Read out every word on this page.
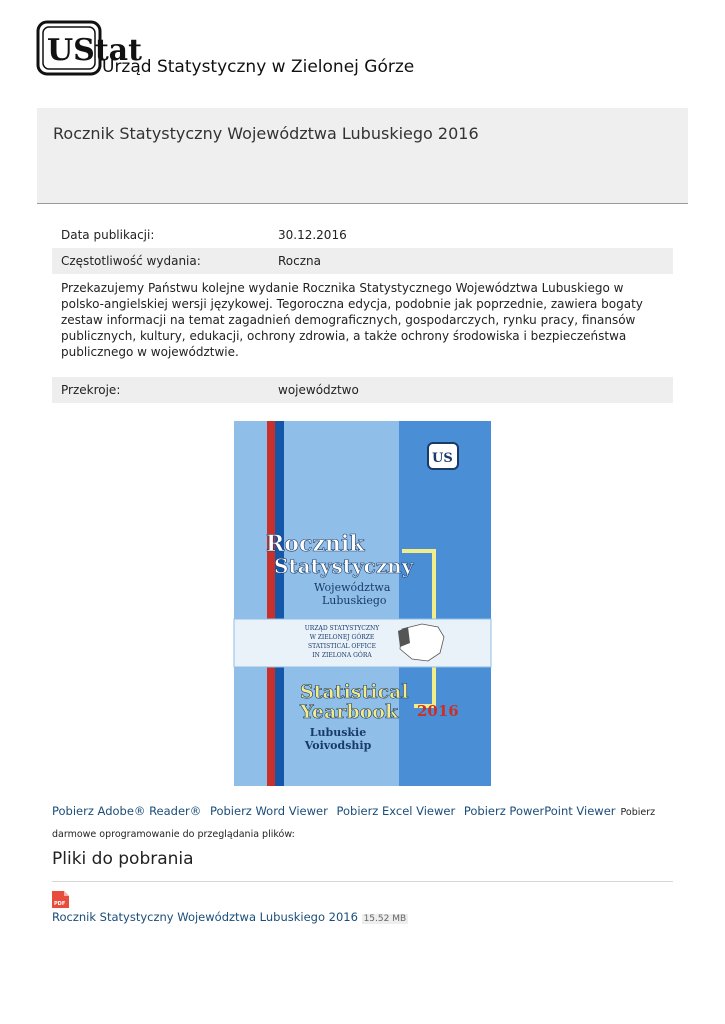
UStat
Urząd Statystyczny w Zielonej Górze
Rocznik Statystyczny Województwa Lubuskiego 2016
Data publikacji:	30.12.2016
Częstotliwość wydania:	Roczna
Przekazujemy Państwu kolejne wydanie Rocznika Statystycznego Województwa Lubuskiego w polsko-angielskiej wersji językowej. Tegoroczna edycja, podobnie jak poprzednie, zawiera bogaty zestaw informacji na temat zagadnień demograficznych, gospodarczych, rynku pracy, finansów publicznych, kultury, edukacji, ochrony zdrowia, a także ochrony środowiska i bezpieczeństwa publicznego w województwie.
Przekroje:	województwo
US
Rocznik
Statystyczny
Województwa
Lubuskiego
URZĄD STATYSTYCZNY
W ZIELONEJ GÓRZE
STATISTICAL OFFICE
IN ZIELONA GÓRA
Statistical
Yearbook 2016
Lubuskie
Voivodship
Pobierz Adobe® Reader® Pobierz Word Viewer Pobierz Excel Viewer Pobierz PowerPoint Viewer Pobierz darmowe oprogramowanie do przeglądania plików:
Pliki do pobrania
PDF
Rocznik Statystyczny Województwa Lubuskiego 2016 15.52 MB
